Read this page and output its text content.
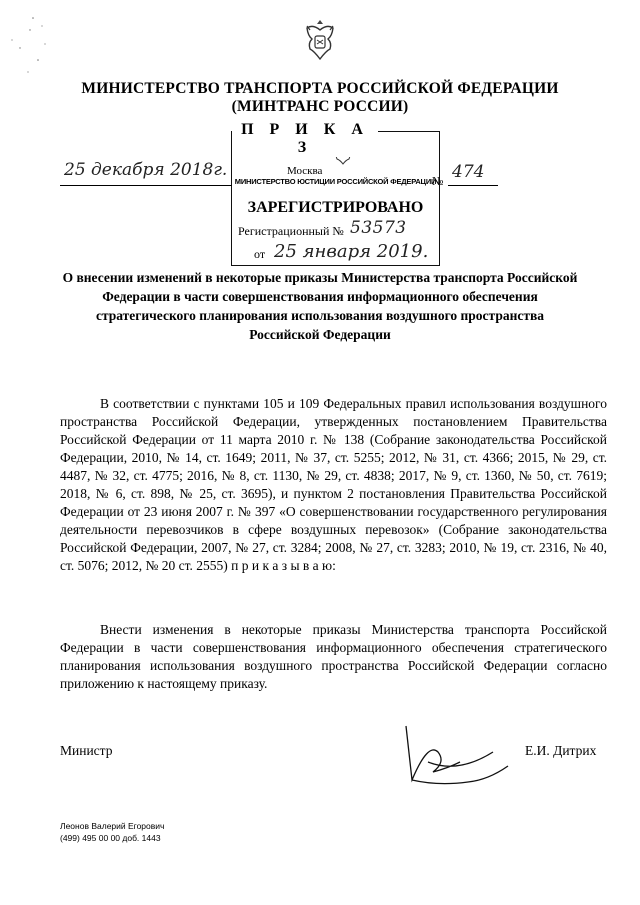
МИНИСТЕРСТВО ТРАНСПОРТА РОССИЙСКОЙ ФЕДЕРАЦИИ
(МИНТРАНС РОССИИ)
МИНИСТЕРСТВО ЮСТИЦИИ РОССИЙСКОЙ ФЕДЕРАЦИИ
ЗАРЕГИСТРИРОВАНО
Регистрационный № 53573
от 25 января 2019.
П Р И К А З
25 декабря 2018г.	Москва
№ 474
О внесении изменений в некоторые приказы Министерства транспорта Российской Федерации в части совершенствования информационного обеспечения стратегического планирования использования воздушного пространства Российской Федерации

В соответствии с пунктами 105 и 109 Федеральных правил использования воздушного пространства Российской Федерации, утвержденных постановлением Правительства Российской Федерации от 11 марта 2010 г. № 138 (Собрание законодательства Российской Федерации, 2010, № 14, ст. 1649; 2011, № 37, ст. 5255; 2012, № 31, ст. 4366; 2015, № 29, ст. 4487, № 32, ст. 4775; 2016, № 8, ст. 1130, № 29, ст. 4838; 2017, № 9, ст. 1360, № 50, ст. 7619; 2018, № 6, ст. 898, № 25, ст. 3695), и пунктом 2 постановления Правительства Российской Федерации от 23 июня 2007 г. № 397 «О совершенствовании государственного регулирования деятельности перевозчиков в сфере воздушных перевозок» (Собрание законодательства Российской Федерации, 2007, № 27, ст. 3284; 2008, № 27, ст. 3283; 2010, № 19, ст. 2316, № 40, ст. 5076; 2012, № 20 ст. 2555) п р и к а з ы в а ю:

Внести изменения в некоторые приказы Министерства транспорта Российской Федерации в части совершенствования информационного обеспечения стратегического планирования использования воздушного пространства Российской Федерации согласно приложению к настоящему приказу.

Министр	Е.И. Дитрих
Леонов Валерий Егорович
(499) 495 00 00 доб. 1443
